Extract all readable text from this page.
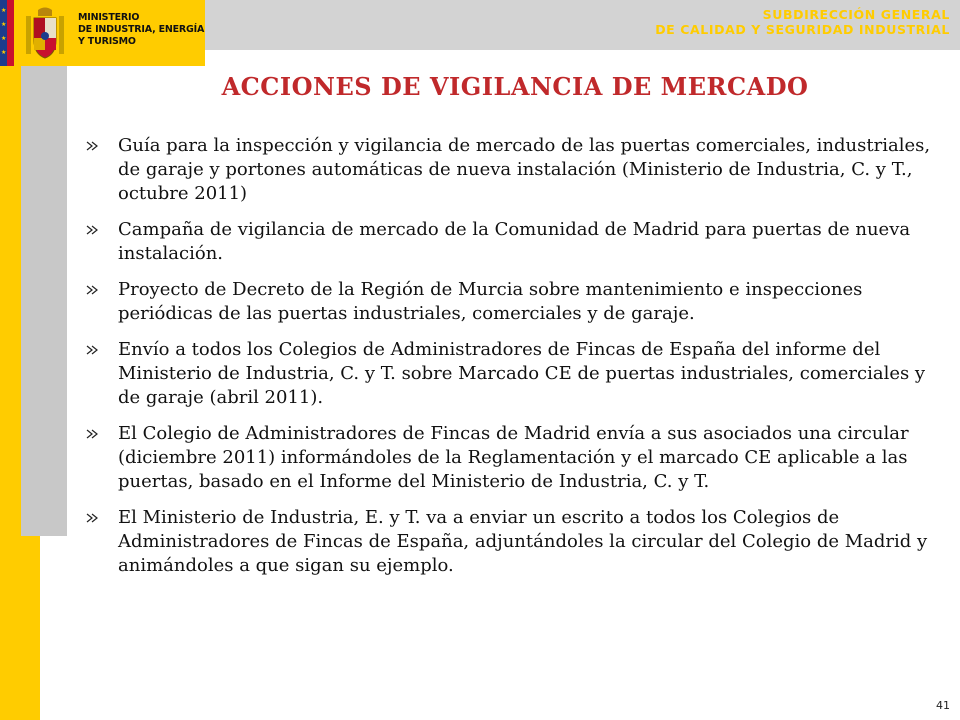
★
★
★
★
MINISTERIO
DE INDUSTRIA, ENERGÍA
Y TURISMO
SUBDIRECCIÓN GENERAL
DE CALIDAD Y SEGURIDAD INDUSTRIAL
ACCIONES DE VIGILANCIA DE MERCADO
Guía para la inspección y vigilancia de mercado de las puertas comerciales, industriales, de garaje y portones automáticas de nueva instalación (Ministerio de Industria, C. y T., octubre 2011)
Campaña de vigilancia de mercado de la Comunidad de Madrid para puertas de nueva instalación.
Proyecto de Decreto de la Región de Murcia sobre mantenimiento e inspecciones periódicas de las puertas industriales, comerciales y de garaje.
Envío a todos los Colegios de Administradores de Fincas de España del informe del Ministerio de Industria, C. y T. sobre Marcado CE de puertas industriales, comerciales y de garaje (abril 2011).
El Colegio de Administradores de Fincas de Madrid envía a sus asociados una circular (diciembre 2011) informándoles de la Reglamentación y el marcado CE aplicable a las puertas, basado en el Informe del Ministerio de Industria, C. y T.
El Ministerio de Industria, E. y T. va a enviar un escrito a todos los Colegios de Administradores de Fincas de España, adjuntándoles la circular del Colegio de Madrid y animándoles a que sigan su ejemplo.
41
